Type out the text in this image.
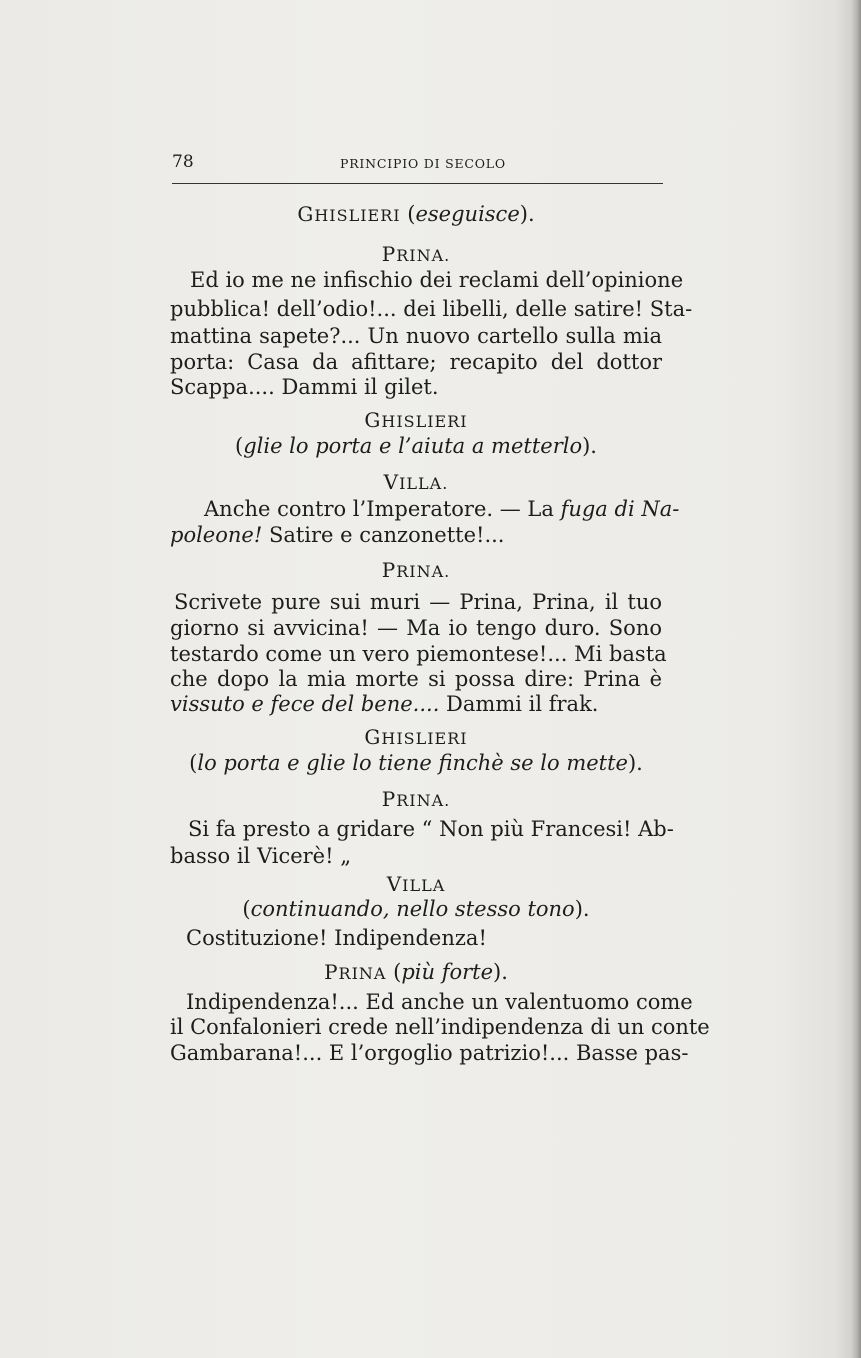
78	PRINCIPIO DI SECOLO
GHISLIERI (eseguisce).
PRINA.
Ed io me ne infischio dei reclami dell’opinione
pubblica! dell’odio!... dei libelli, delle satire! Sta-
mattina sapete?... Un nuovo cartello sulla mia
porta: Casa da afittare; recapito del dottor
Scappa.... Dammi il gilet.
GHISLIERI
(glie lo porta e l’aiuta a metterlo).
VILLA.
Anche contro l’Imperatore. — La fuga di Na-
poleone! Satire e canzonette!...
PRINA.
Scrivete pure sui muri — Prina, Prina, il tuo
giorno si avvicina! — Ma io tengo duro. Sono
testardo come un vero piemontese!... Mi basta
che dopo la mia morte si possa dire: Prina è
vissuto e fece del bene.... Dammi il frak.
GHISLIERI
(lo porta e glie lo tiene finchè se lo mette).
PRINA.
Si fa presto a gridare “ Non più Francesi! Ab-
basso il Vicerè! „
VILLA
(continuando, nello stesso tono).
Costituzione! Indipendenza!
PRINA (più forte).
Indipendenza!... Ed anche un valentuomo come
il Confalonieri crede nell’indipendenza di un conte
Gambarana!... E l’orgoglio patrizio!... Basse pas-
